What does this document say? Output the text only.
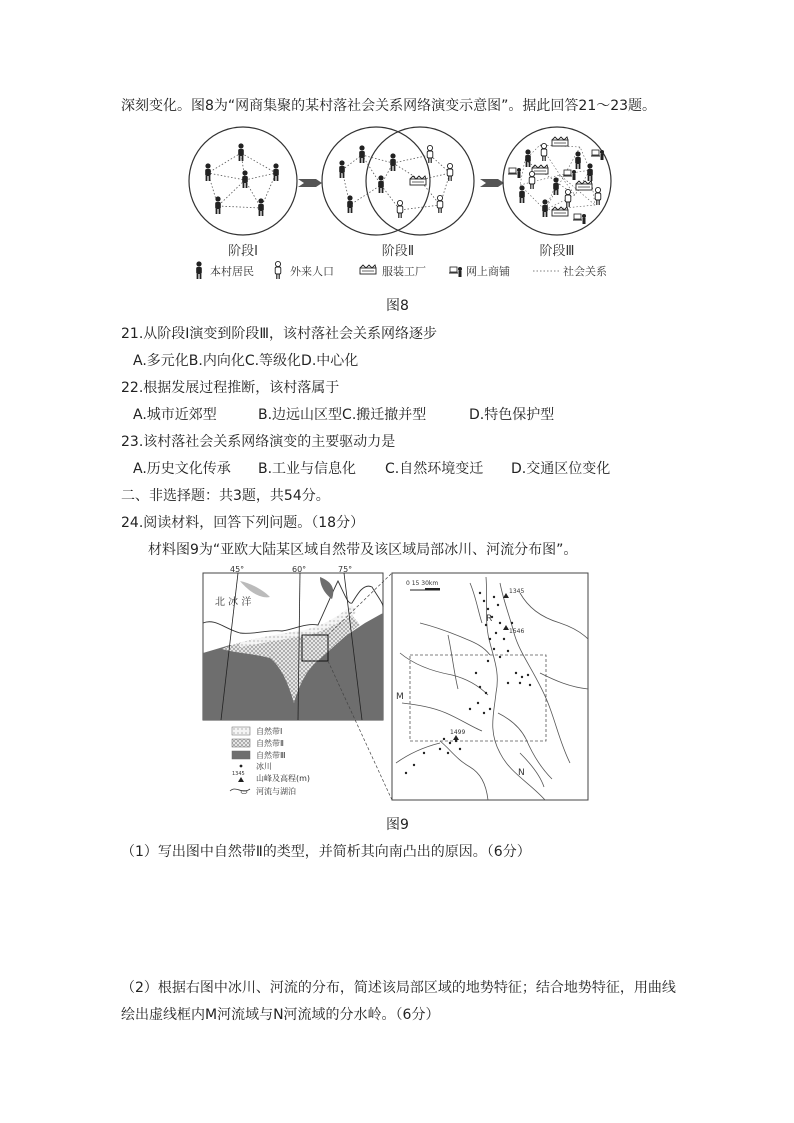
深刻变化。图8为“网商集聚的某村落社会关系网络演变示意图”。据此回答21～23题。
阶段Ⅰ	阶段Ⅱ	阶段Ⅲ
本村居民	外来人口	服装工厂	网上商铺	社会关系
图8
21.从阶段Ⅰ演变到阶段Ⅲ，该村落社会关系网络逐步
A.多元化B.内向化C.等级化D.中心化
22.根据发展过程推断，该村落属于
A.城市近郊型	B.边远山区型C.搬迁撤并型	D.特色保护型
23.该村落社会关系网络演变的主要驱动力是
A.历史文化传承 B.工业与信息化 C.自然环境变迁 D.交通区位变化
二、非选择题：共3题，共54分。
24.阅读材料，回答下列问题。（18分）
材料图9为“亚欧大陆某区域自然带及该区域局部冰川、河流分布图”。
45°	60°	75°
北 冰 洋
自然带Ⅰ
自然带Ⅱ
自然带Ⅲ
冰川
1345 山峰及高程(m)
河流与湖泊
0 15 30km
1345
1546
1499
R
M
N
图9
（1）写出图中自然带Ⅱ的类型，并简析其向南凸出的原因。（6分）
（2）根据右图中冰川、河流的分布，简述该局部区域的地势特征；结合地势特征，用曲线
绘出虚线框内M河流域与N河流域的分水岭。（6分）
